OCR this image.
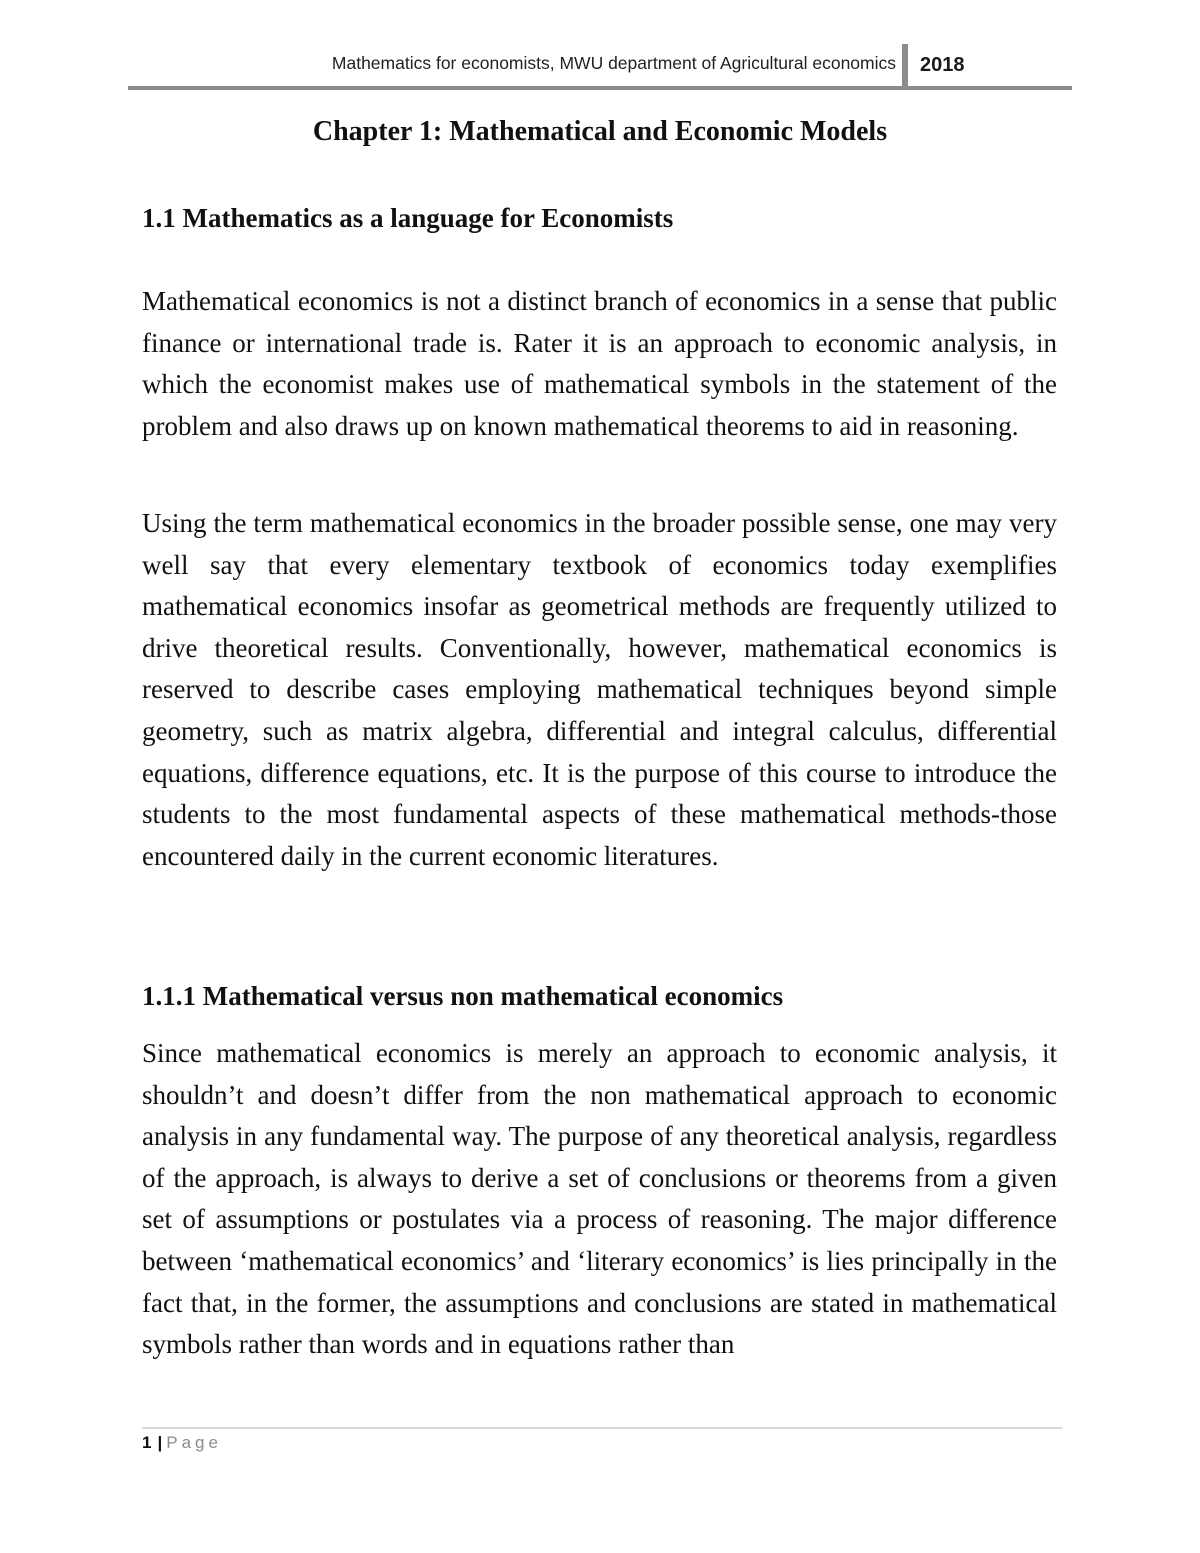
Mathematics for economists, MWU department of Agricultural economics 2018
Chapter 1: Mathematical and Economic Models
1.1 Mathematics as a language for Economists

Mathematical economics is not a distinct branch of economics in a sense that public finance or international trade is. Rater it is an approach to economic analysis, in which the economist makes use of mathematical symbols in the statement of the problem and also draws up on known mathematical theorems to aid in reasoning.

Using the term mathematical economics in the broader possible sense, one may very well say that every elementary textbook of economics today exemplifies mathematical economics insofar as geometrical methods are frequently utilized to drive theoretical results. Conventionally, however, mathematical economics is reserved to describe cases employing mathematical techniques beyond simple geometry, such as matrix algebra, differential and integral calculus, differential equations, difference equations, etc. It is the purpose of this course to introduce the students to the most fundamental aspects of these mathematical methods-those encountered daily in the current economic literatures.

1.1.1 Mathematical versus non mathematical economics

Since mathematical economics is merely an approach to economic analysis, it shouldn’t and doesn’t differ from the non mathematical approach to economic analysis in any fundamental way. The purpose of any theoretical analysis, regardless of the approach, is always to derive a set of conclusions or theorems from a given set of assumptions or postulates via a process of reasoning. The major difference between ‘mathematical economics’ and ‘literary economics’ is lies principally in the fact that, in the former, the assumptions and conclusions are stated in mathematical symbols rather than words and in equations rather than

1 | Page
